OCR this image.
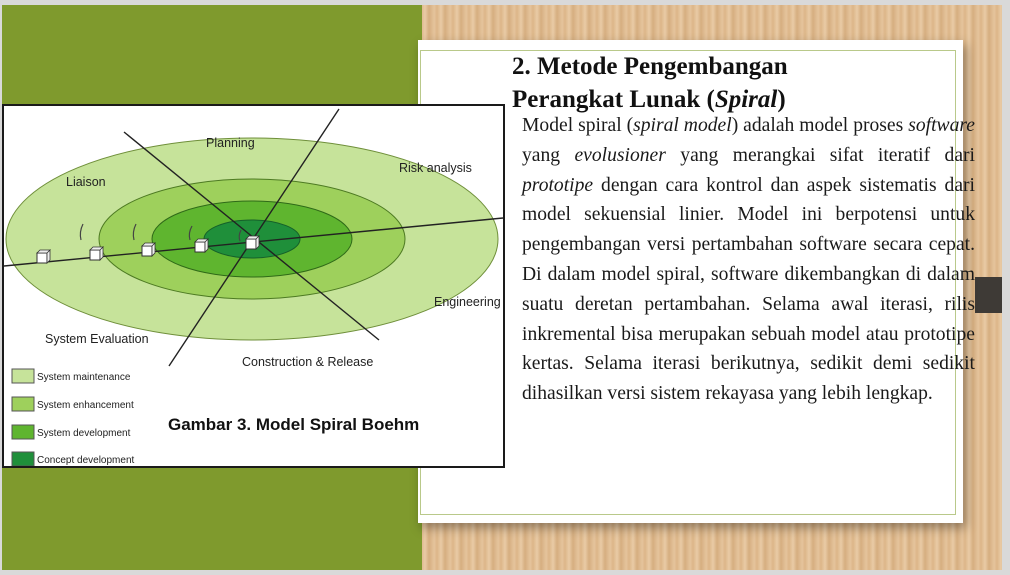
2. Metode Pengembangan
Perangkat Lunak (Spiral)

Model spiral (spiral model) adalah model proses software yang evolusioner yang merangkai sifat iteratif dari prototipe dengan cara kontrol dan aspek sistematis dari model sekuensial linier. Model ini berpotensi untuk pengembangan versi pertambahan software secara cepat. Di dalam model spiral, software dikembangkan di dalam suatu deretan pertambahan. Selama awal iterasi, rilis inkremental bisa merupakan sebuah model atau prototipe kertas. Selama iterasi berikutnya, sedikit demi sedikit dihasilkan versi sistem rekayasa yang lebih lengkap.

Planning
Risk analysis
Liaison
Engineering
System Evaluation
Construction & Release
System maintenance
System enhancement
System development
Concept development
Gambar 3. Model Spiral Boehm
